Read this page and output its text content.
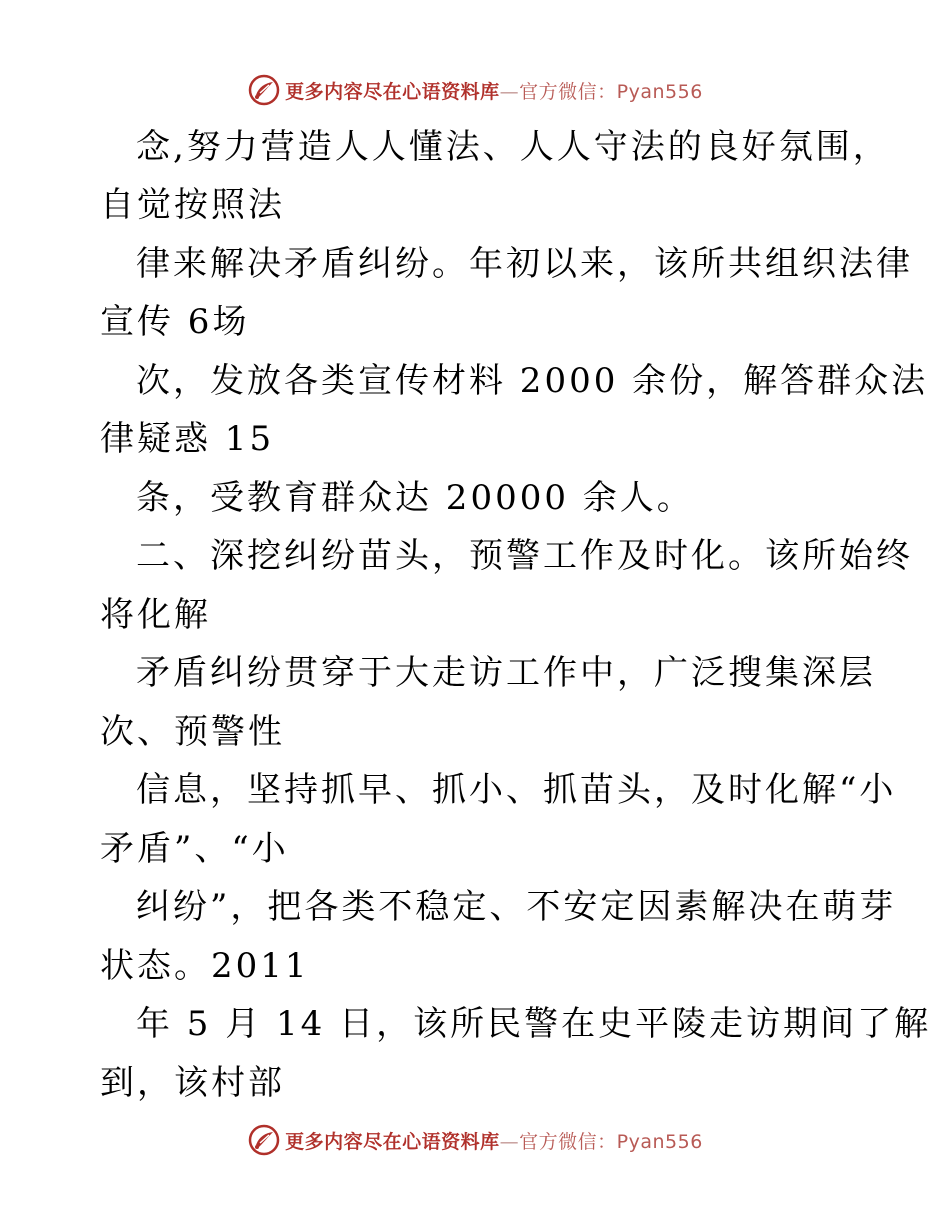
更多内容尽在心语资料库—官方微信：Pyan556

念,努力营造人人懂法、人人守法的良好氛围，

自觉按照法

律来解决矛盾纠纷。年初以来，该所共组织法律

宣传 6场

次，发放各类宣传材料 2000 余份，解答群众法

律疑惑 15

条，受教育群众达 20000 余人。

二、深挖纠纷苗头，预警工作及时化。该所始终

将化解

矛盾纠纷贯穿于大走访工作中，广泛搜集深层

次、预警性

信息，坚持抓早、抓小、抓苗头，及时化解“小

矛盾”、“小

纠纷”，把各类不稳定、不安定因素解决在萌芽

状态。2011

年 5 月 14 日，该所民警在史平陵走访期间了解

到，该村部

更多内容尽在心语资料库—官方微信：Pyan556
